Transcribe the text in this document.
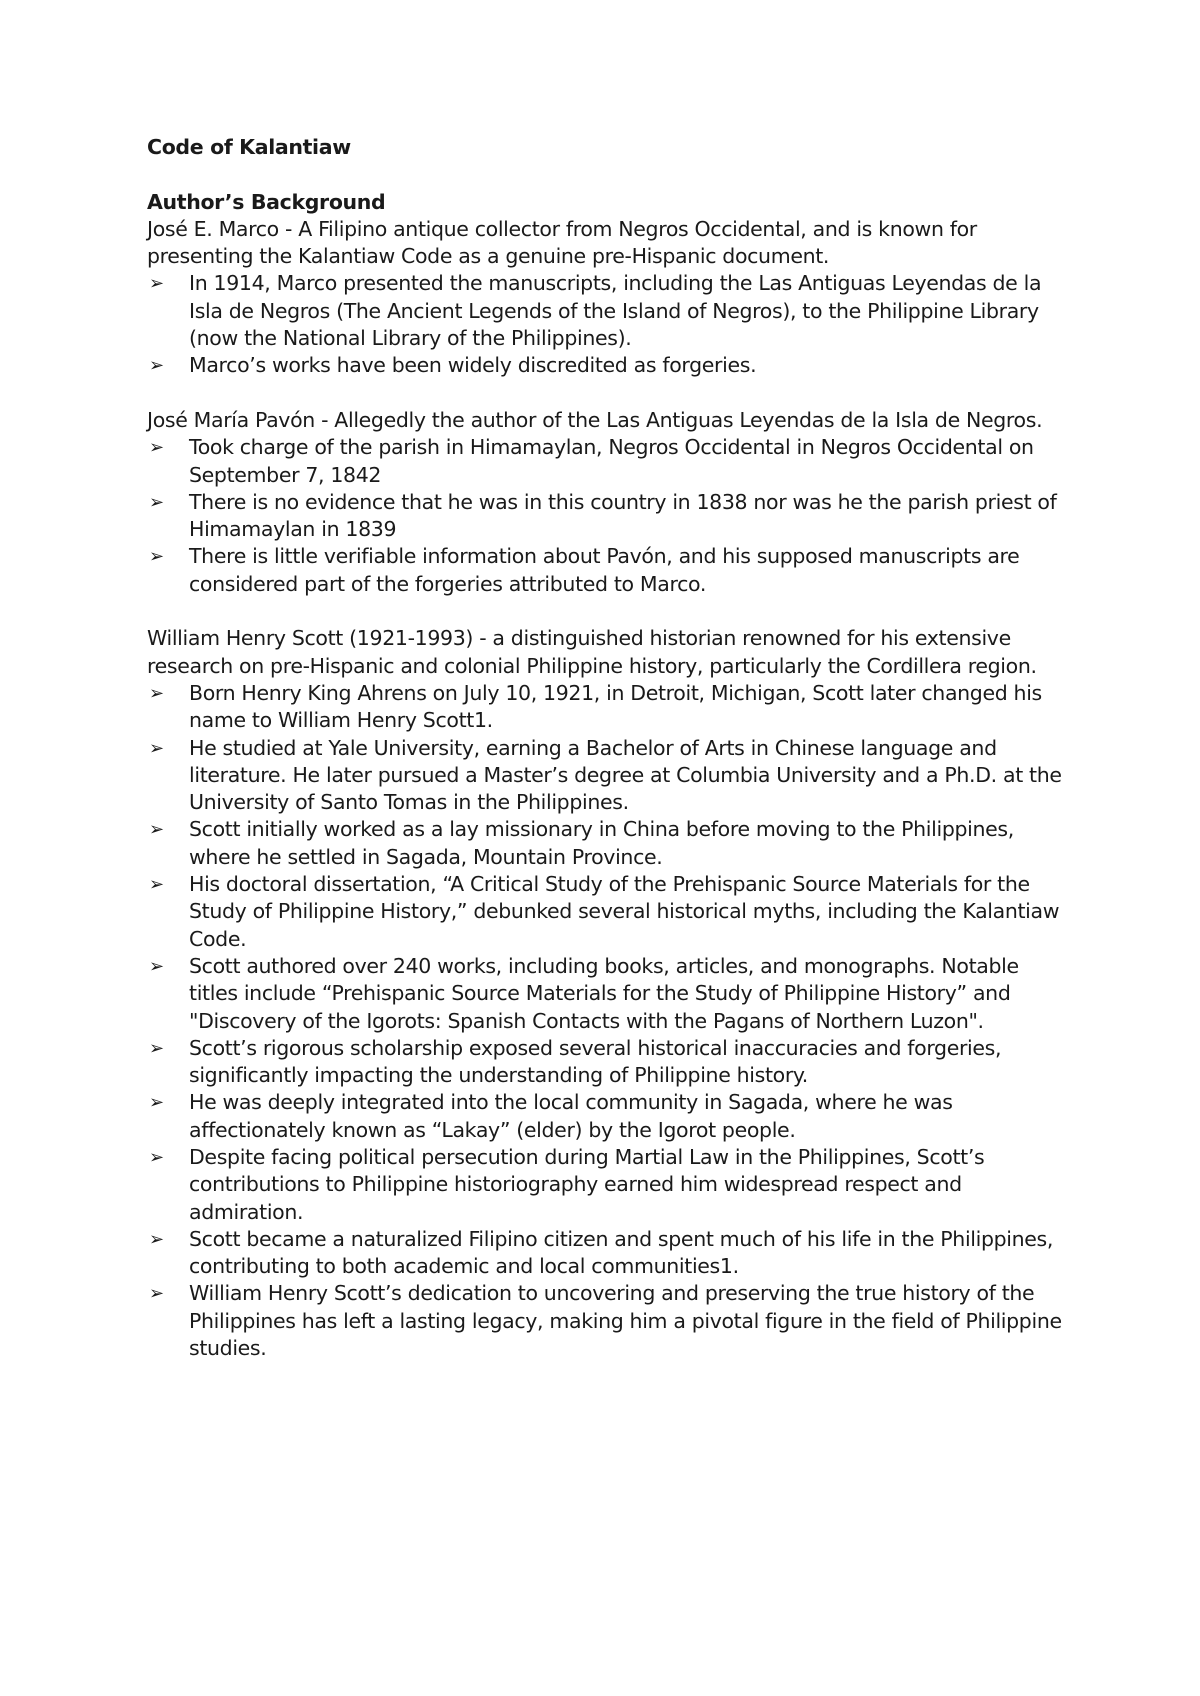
Code of Kalantiaw

Author’s Background

José E. Marco - A Filipino antique collector from Negros Occidental, and is known for presenting the Kalantiaw Code as a genuine pre-Hispanic document.

➢ In 1914, Marco presented the manuscripts, including the Las Antiguas Leyendas de la Isla de Negros (The Ancient Legends of the Island of Negros), to the Philippine Library (now the National Library of the Philippines).
➢ Marco’s works have been widely discredited as forgeries.

José María Pavón - Allegedly the author of the Las Antiguas Leyendas de la Isla de Negros.

➢ Took charge of the parish in Himamaylan, Negros Occidental in Negros Occidental on September 7, 1842
➢ There is no evidence that he was in this country in 1838 nor was he the parish priest of Himamaylan in 1839
➢ There is little verifiable information about Pavón, and his supposed manuscripts are considered part of the forgeries attributed to Marco.

William Henry Scott (1921-1993) - a distinguished historian renowned for his extensive research on pre-Hispanic and colonial Philippine history, particularly the Cordillera region.

➢ Born Henry King Ahrens on July 10, 1921, in Detroit, Michigan, Scott later changed his name to William Henry Scott1.
➢ He studied at Yale University, earning a Bachelor of Arts in Chinese language and literature. He later pursued a Master’s degree at Columbia University and a Ph.D. at the University of Santo Tomas in the Philippines.
➢ Scott initially worked as a lay missionary in China before moving to the Philippines, where he settled in Sagada, Mountain Province.
➢ His doctoral dissertation, “A Critical Study of the Prehispanic Source Materials for the Study of Philippine History,” debunked several historical myths, including the Kalantiaw Code.
➢ Scott authored over 240 works, including books, articles, and monographs. Notable titles include “Prehispanic Source Materials for the Study of Philippine History” and "Discovery of the Igorots: Spanish Contacts with the Pagans of Northern Luzon".
➢ Scott’s rigorous scholarship exposed several historical inaccuracies and forgeries, significantly impacting the understanding of Philippine history.
➢ He was deeply integrated into the local community in Sagada, where he was affectionately known as “Lakay” (elder) by the Igorot people.
➢ Despite facing political persecution during Martial Law in the Philippines, Scott’s contributions to Philippine historiography earned him widespread respect and admiration.
➢ Scott became a naturalized Filipino citizen and spent much of his life in the Philippines, contributing to both academic and local communities1.
➢ William Henry Scott’s dedication to uncovering and preserving the true history of the Philippines has left a lasting legacy, making him a pivotal figure in the field of Philippine studies.
